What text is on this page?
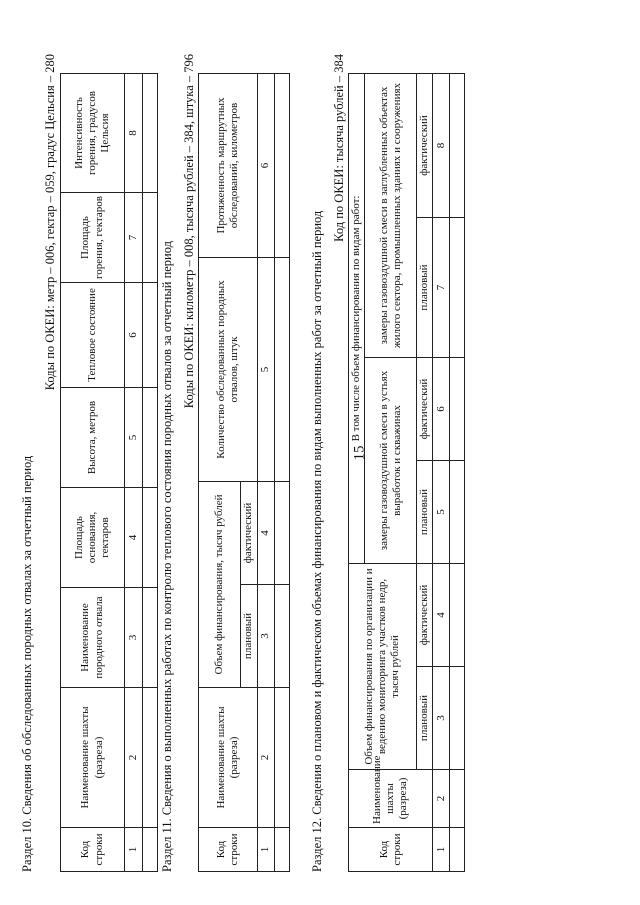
15
Раздел 10. Сведения об обследованных породных отвалах за отчетный период
Коды по ОКЕИ: метр – 006, гектар – 059, градус Цельсия – 280
Код строки	Наименование шахты (разреза)	Наименование породного отвала	Площадь основания, гектаров	Высота, метров	Тепловое состояние	Площадь горения, гектаров	Интенсивность горения, градусов Цельсия
1	2	3	4	5	6	7	8

Раздел 11. Сведения о выполненных работах по контролю теплового состояния породных отвалов за отчетный период
Коды по ОКЕИ: километр – 008, тысяча рублей – 384, штука – 796
Код строки	Наименование шахты (разреза)	Объем финансирования, тысяч рублей		Количество обследованных породных отвалов, штук	Протяженность маршрутных обследований, километров
		плановый	фактический		
1	2	3	4	5	6

Раздел 12. Сведения о плановом и фактическом объемах финансирования по видам выполненных работ за отчетный период
Код по ОКЕИ: тысяча рублей – 384
Код строки	Наименование шахты (разреза)	Объем финансирования по организации и ведению мониторинга участков недр, тысяч рублей		В том числе объем финансирования по видам работ:			
				замеры газовоздушной смеси в устьях выработок и скважинах		замеры газовоздушной смеси в заглубленных объектах жилого сектора, промышленных зданиях и сооружениях	
		плановый	фактический	плановый	фактический	плановый	фактический
1	2	3	4	5	6	7	8
